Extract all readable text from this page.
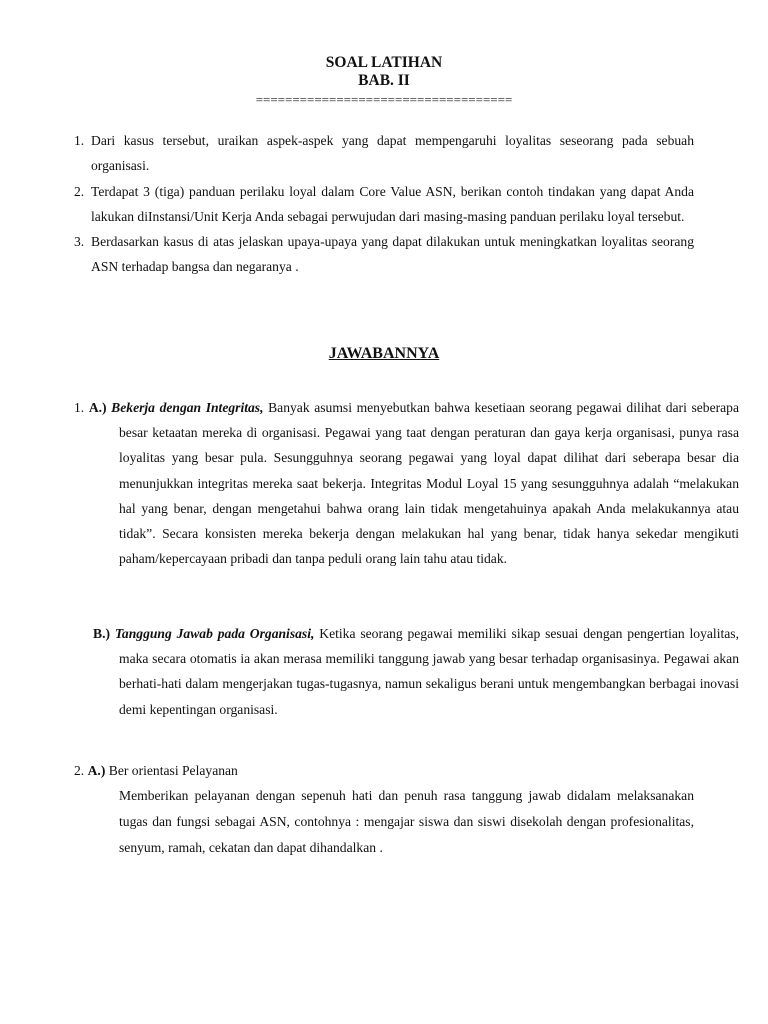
SOAL LATIHAN
BAB. II
===================================
1. Dari kasus tersebut, uraikan aspek-aspek yang dapat mempengaruhi loyalitas seseorang pada sebuah organisasi.
2. Terdapat 3 (tiga) panduan perilaku loyal dalam Core Value ASN, berikan contoh tindakan yang dapat Anda lakukan diInstansi/Unit Kerja Anda sebagai perwujudan dari masing-masing panduan perilaku loyal tersebut.
3. Berdasarkan kasus di atas jelaskan upaya-upaya yang dapat dilakukan untuk meningkatkan loyalitas seorang ASN terhadap bangsa dan negaranya .
JAWABANNYA
1. A.) Bekerja dengan Integritas, Banyak asumsi menyebutkan bahwa kesetiaan seorang pegawai dilihat dari seberapa besar ketaatan mereka di organisasi. Pegawai yang taat dengan peraturan dan gaya kerja organisasi, punya rasa loyalitas yang besar pula. Sesungguhnya seorang pegawai yang loyal dapat dilihat dari seberapa besar dia menunjukkan integritas mereka saat bekerja. Integritas Modul Loyal 15 yang sesungguhnya adalah “melakukan hal yang benar, dengan mengetahui bahwa orang lain tidak mengetahuinya apakah Anda melakukannya atau tidak”. Secara konsisten mereka bekerja dengan melakukan hal yang benar, tidak hanya sekedar mengikuti paham/kepercayaan pribadi dan tanpa peduli orang lain tahu atau tidak.
B.) Tanggung Jawab pada Organisasi, Ketika seorang pegawai memiliki sikap sesuai dengan pengertian loyalitas, maka secara otomatis ia akan merasa memiliki tanggung jawab yang besar terhadap organisasinya. Pegawai akan berhati-hati dalam mengerjakan tugas-tugasnya, namun sekaligus berani untuk mengembangkan berbagai inovasi demi kepentingan organisasi.
2. A.) Ber orientasi Pelayanan
Memberikan pelayanan dengan sepenuh hati dan penuh rasa tanggung jawab didalam melaksanakan tugas dan fungsi sebagai ASN, contohnya : mengajar siswa dan siswi disekolah dengan profesionalitas, senyum, ramah, cekatan dan dapat dihandalkan .
